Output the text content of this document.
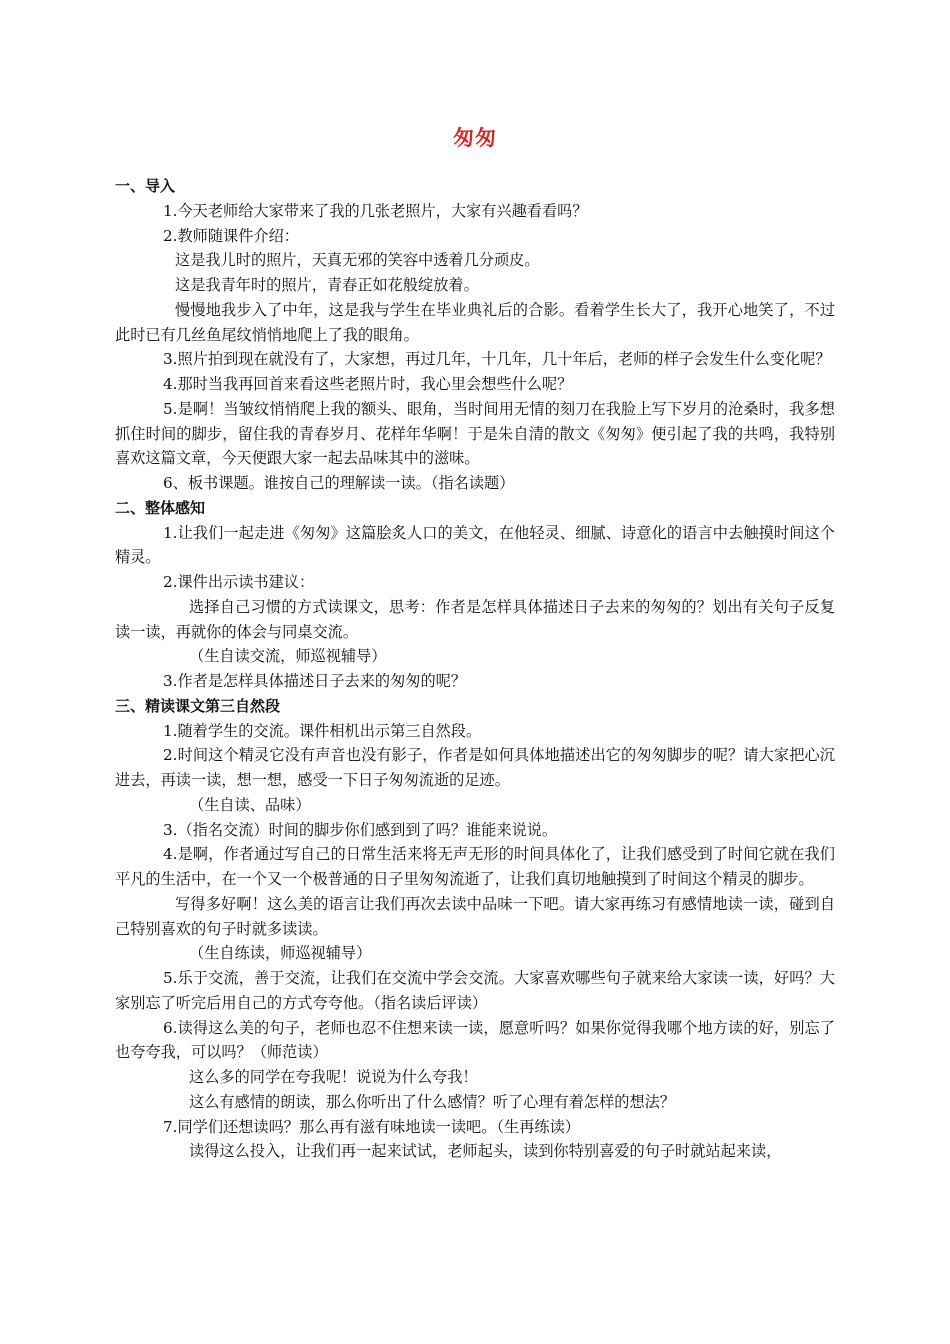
匆匆
一、导入
1.今天老师给大家带来了我的几张老照片，大家有兴趣看看吗？
2.教师随课件介绍：
这是我儿时的照片，天真无邪的笑容中透着几分顽皮。
这是我青年时的照片，青春正如花般绽放着。
慢慢地我步入了中年，这是我与学生在毕业典礼后的合影。看着学生长大了，我开心地笑了，不过此时已有几丝鱼尾纹悄悄地爬上了我的眼角。
3.照片拍到现在就没有了，大家想，再过几年，十几年，几十年后，老师的样子会发生什么变化呢？
4.那时当我再回首来看这些老照片时，我心里会想些什么呢？
5.是啊！当皱纹悄悄爬上我的额头、眼角，当时间用无情的刻刀在我脸上写下岁月的沧桑时，我多想抓住时间的脚步，留住我的青春岁月、花样年华啊！于是朱自清的散文《匆匆》便引起了我的共鸣，我特别喜欢这篇文章，今天便跟大家一起去品味其中的滋味。
6、板书课题。谁按自己的理解读一读。（指名读题）
二、整体感知
1.让我们一起走进《匆匆》这篇脍炙人口的美文，在他轻灵、细腻、诗意化的语言中去触摸时间这个精灵。
2.课件出示读书建议：
选择自己习惯的方式读课文，思考：作者是怎样具体描述日子去来的匆匆的？划出有关句子反复读一读，再就你的体会与同桌交流。
（生自读交流，师巡视辅导）
3.作者是怎样具体描述日子去来的匆匆的呢？
三、精读课文第三自然段
1.随着学生的交流。课件相机出示第三自然段。
2.时间这个精灵它没有声音也没有影子，作者是如何具体地描述出它的匆匆脚步的呢？请大家把心沉进去，再读一读，想一想，感受一下日子匆匆流逝的足迹。
（生自读、品味）
3.（指名交流）时间的脚步你们感到到了吗？谁能来说说。
4.是啊，作者通过写自己的日常生活来将无声无形的时间具体化了，让我们感受到了时间它就在我们平凡的生活中，在一个又一个极普通的日子里匆匆流逝了，让我们真切地触摸到了时间这个精灵的脚步。
写得多好啊！这么美的语言让我们再次去读中品味一下吧。请大家再练习有感情地读一读，碰到自己特别喜欢的句子时就多读读。
（生自练读，师巡视辅导）
5.乐于交流，善于交流，让我们在交流中学会交流。大家喜欢哪些句子就来给大家读一读，好吗？大家别忘了听完后用自己的方式夸夸他。（指名读后评读）
6.读得这么美的句子，老师也忍不住想来读一读，愿意听吗？如果你觉得我哪个地方读的好，别忘了也夸夸我，可以吗？（师范读）
这么多的同学在夸我呢！说说为什么夸我！
这么有感情的朗读，那么你听出了什么感情？听了心理有着怎样的想法？
7.同学们还想读吗？那么再有滋有味地读一读吧。（生再练读）
读得这么投入，让我们再一起来试试，老师起头，读到你特别喜爱的句子时就站起来读，
